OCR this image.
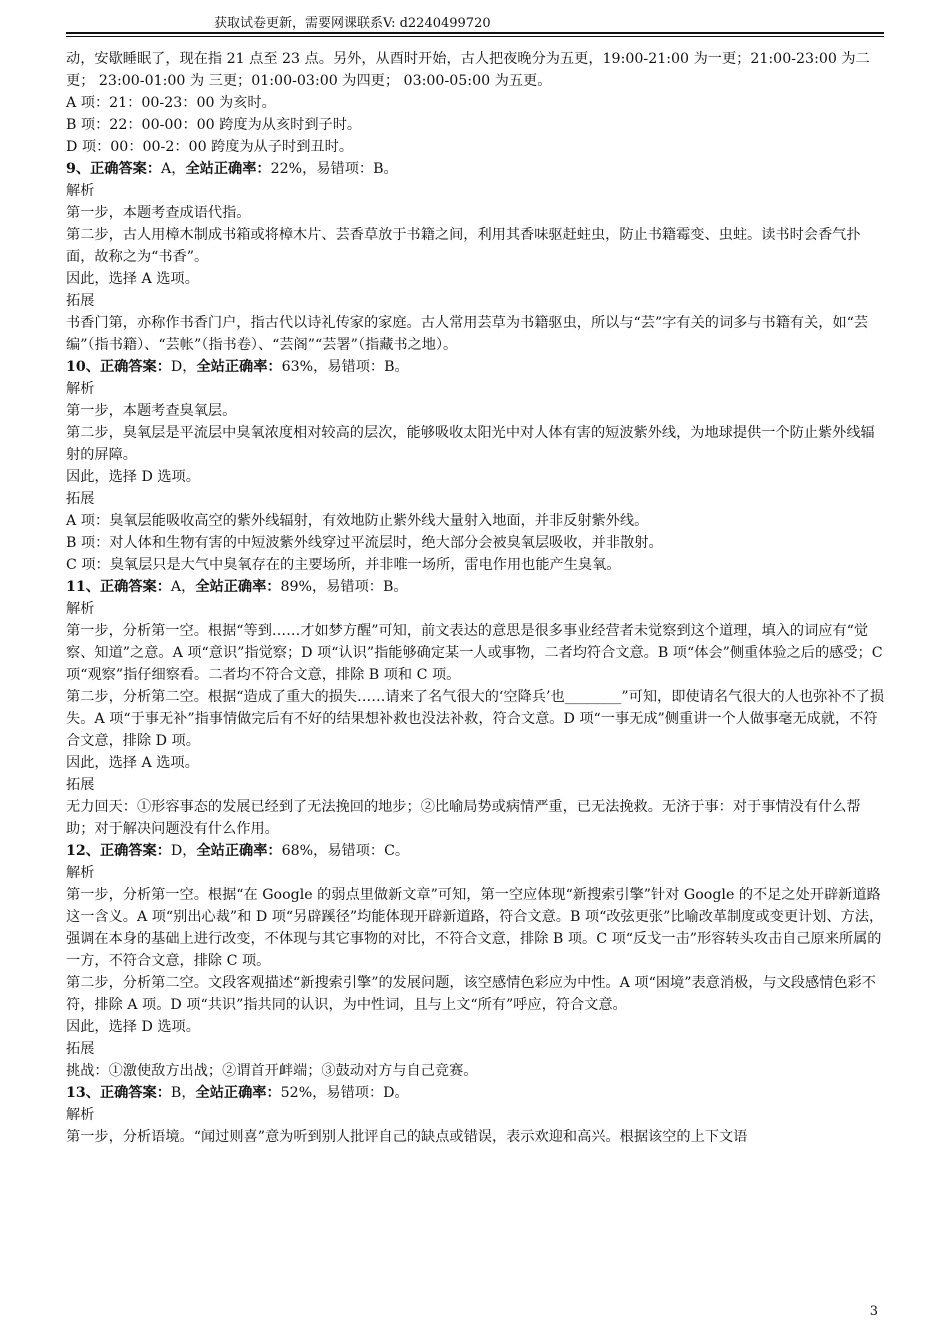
获取试卷更新，需要网课联系V: d2240499720

动，安歇睡眠了，现在指 21 点至 23 点。另外，从酉时开始，古人把夜晚分为五更，19:00-21:00 为一更；21:00-23:00 为二更； 23:00-01:00 为 三更；01:00-03:00 为四更； 03:00-05:00 为五更。

A 项：21：00-23：00 为亥时。

B 项：22：00-00：00 跨度为从亥时到子时。

D 项：00：00-2：00 跨度为从子时到丑时。

9、正确答案：A，全站正确率：22%，易错项：B。

解析

第一步，本题考查成语代指。

第二步，古人用樟木制成书箱或将樟木片、芸香草放于书籍之间，利用其香味驱赶蛀虫，防止书籍霉变、虫蛀。读书时会香气扑面，故称之为“书香”。

因此，选择 A 选项。

拓展

书香门第，亦称作书香门户，指古代以诗礼传家的家庭。古人常用芸草为书籍驱虫，所以与“芸”字有关的词多与书籍有关，如“芸编”（指书籍）、“芸帐”（指书卷）、“芸阁”“芸署”（指藏书之地）。

10、正确答案：D，全站正确率：63%，易错项：B。

解析

第一步，本题考查臭氧层。

第二步，臭氧层是平流层中臭氧浓度相对较高的层次，能够吸收太阳光中对人体有害的短波紫外线，为地球提供一个防止紫外线辐射的屏障。

因此，选择 D 选项。

拓展

A 项：臭氧层能吸收高空的紫外线辐射，有效地防止紫外线大量射入地面，并非反射紫外线。

B 项：对人体和生物有害的中短波紫外线穿过平流层时，绝大部分会被臭氧层吸收，并非散射。

C 项：臭氧层只是大气中臭氧存在的主要场所，并非唯一场所，雷电作用也能产生臭氧。

11、正确答案：A，全站正确率：89%，易错项：B。

解析

第一步，分析第一空。根据“等到……才如梦方醒”可知，前文表达的意思是很多事业经营者未觉察到这个道理，填入的词应有“觉察、知道”之意。A 项“意识”指觉察；D 项“认识”指能够确定某一人或事物，二者均符合文意。B 项“体会”侧重体验之后的感受；C 项“观察”指仔细察看。二者均不符合文意，排除 B 项和 C 项。

第二步，分析第二空。根据“造成了重大的损失……请来了名气很大的‘空降兵’也________”可知，即使请名气很大的人也弥补不了损失。A 项“于事无补”指事情做完后有不好的结果想补救也没法补救，符合文意。D 项“一事无成”侧重讲一个人做事毫无成就，不符合文意，排除 D 项。

因此，选择 A 选项。

拓展

无力回天：①形容事态的发展已经到了无法挽回的地步；②比喻局势或病情严重，已无法挽救。无济于事：对于事情没有什么帮助；对于解决问题没有什么作用。

12、正确答案：D，全站正确率：68%，易错项：C。

解析

第一步，分析第一空。根据“在 Google 的弱点里做新文章”可知，第一空应体现“新搜索引擎”针对 Google 的不足之处开辟新道路这一含义。A 项“别出心裁”和 D 项“另辟蹊径”均能体现开辟新道路，符合文意。B 项“改弦更张”比喻改革制度或变更计划、方法，强调在本身的基础上进行改变，不体现与其它事物的对比，不符合文意，排除 B 项。C 项“反戈一击”形容转头攻击自己原来所属的一方，不符合文意，排除 C 项。

第二步，分析第二空。文段客观描述“新搜索引擎”的发展问题，该空感情色彩应为中性。A 项“困境”表意消极，与文段感情色彩不符，排除 A 项。D 项“共识”指共同的认识，为中性词，且与上文“所有”呼应，符合文意。

因此，选择 D 选项。

拓展

挑战：①激使敌方出战；②谓首开衅端；③鼓动对方与自己竞赛。

13、正确答案：B，全站正确率：52%，易错项：D。

解析

第一步，分析语境。“闻过则喜”意为听到别人批评自己的缺点或错误，表示欢迎和高兴。根据该空的上下文语

3
